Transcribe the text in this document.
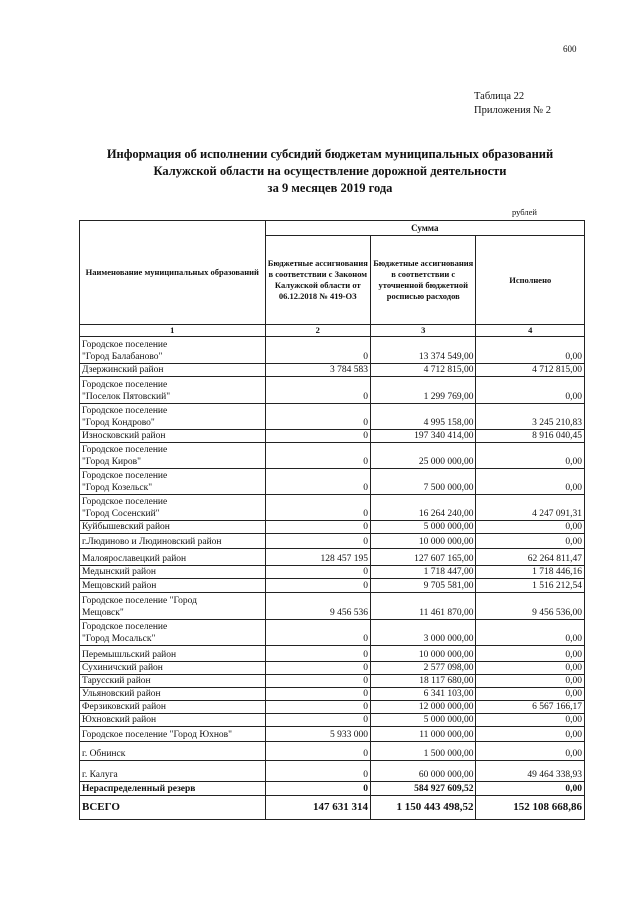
600
Таблица 22
Приложения № 2
Информация об исполнении субсидий бюджетам муниципальных образований
Калужской области на осуществление дорожной деятельности
за 9 месяцев 2019 года
рублей
Наименование муниципальных образований	Сумма		
	Бюджетные ассигнования в соответствии с Законом Калужской области от 06.12.2018 № 419-ОЗ	Бюджетные ассигнования в соответствии с уточненной бюджетной росписью расходов	Исполнено
1	2	3	4

Городское поселение
"Город Балабаново"	0	13 374 549,00	0,00

Дзержинский район	3 784 583	4 712 815,00	4 712 815,00

Городское поселение
"Поселок Пятовский"	0	1 299 769,00	0,00

Городское поселение
"Город Кондрово"	0	4 995 158,00	3 245 210,83

Износковский район	0	197 340 414,00	8 916 040,45

Городское поселение
"Город Киров"	0	25 000 000,00	0,00

Городское поселение
"Город Козельск"	0	7 500 000,00	0,00

Городское поселение
"Город Сосенский"	0	16 264 240,00	4 247 091,31

Куйбышевский район	0	5 000 000,00	0,00

г.Людиново и Людиновский район	0	10 000 000,00	0,00

Малоярославецкий район	128 457 195	127 607 165,00	62 264 811,47

Медынский район	0	1 718 447,00	1 718 446,16

Мещовский район	0	9 705 581,00	1 516 212,54

Городское поселение "Город
Мещовск"	9 456 536	11 461 870,00	9 456 536,00

Городское поселение
"Город Мосальск"	0	3 000 000,00	0,00

Перемышльский район	0	10 000 000,00	0,00

Сухиничский район	0	2 577 098,00	0,00

Тарусский район	0	18 117 680,00	0,00

Ульяновский район	0	6 341 103,00	0,00

Ферзиковский район	0	12 000 000,00	6 567 166,17

Юхновский район	0	5 000 000,00	0,00

Городское поселение "Город Юхнов"	5 933 000	11 000 000,00	0,00

г. Обнинск	0	1 500 000,00	0,00

г. Калуга	0	60 000 000,00	49 464 338,93
Нераспределенный резерв	0	584 927 609,52	0,00
ВСЕГО	147 631 314	1 150 443 498,52	152 108 668,86
